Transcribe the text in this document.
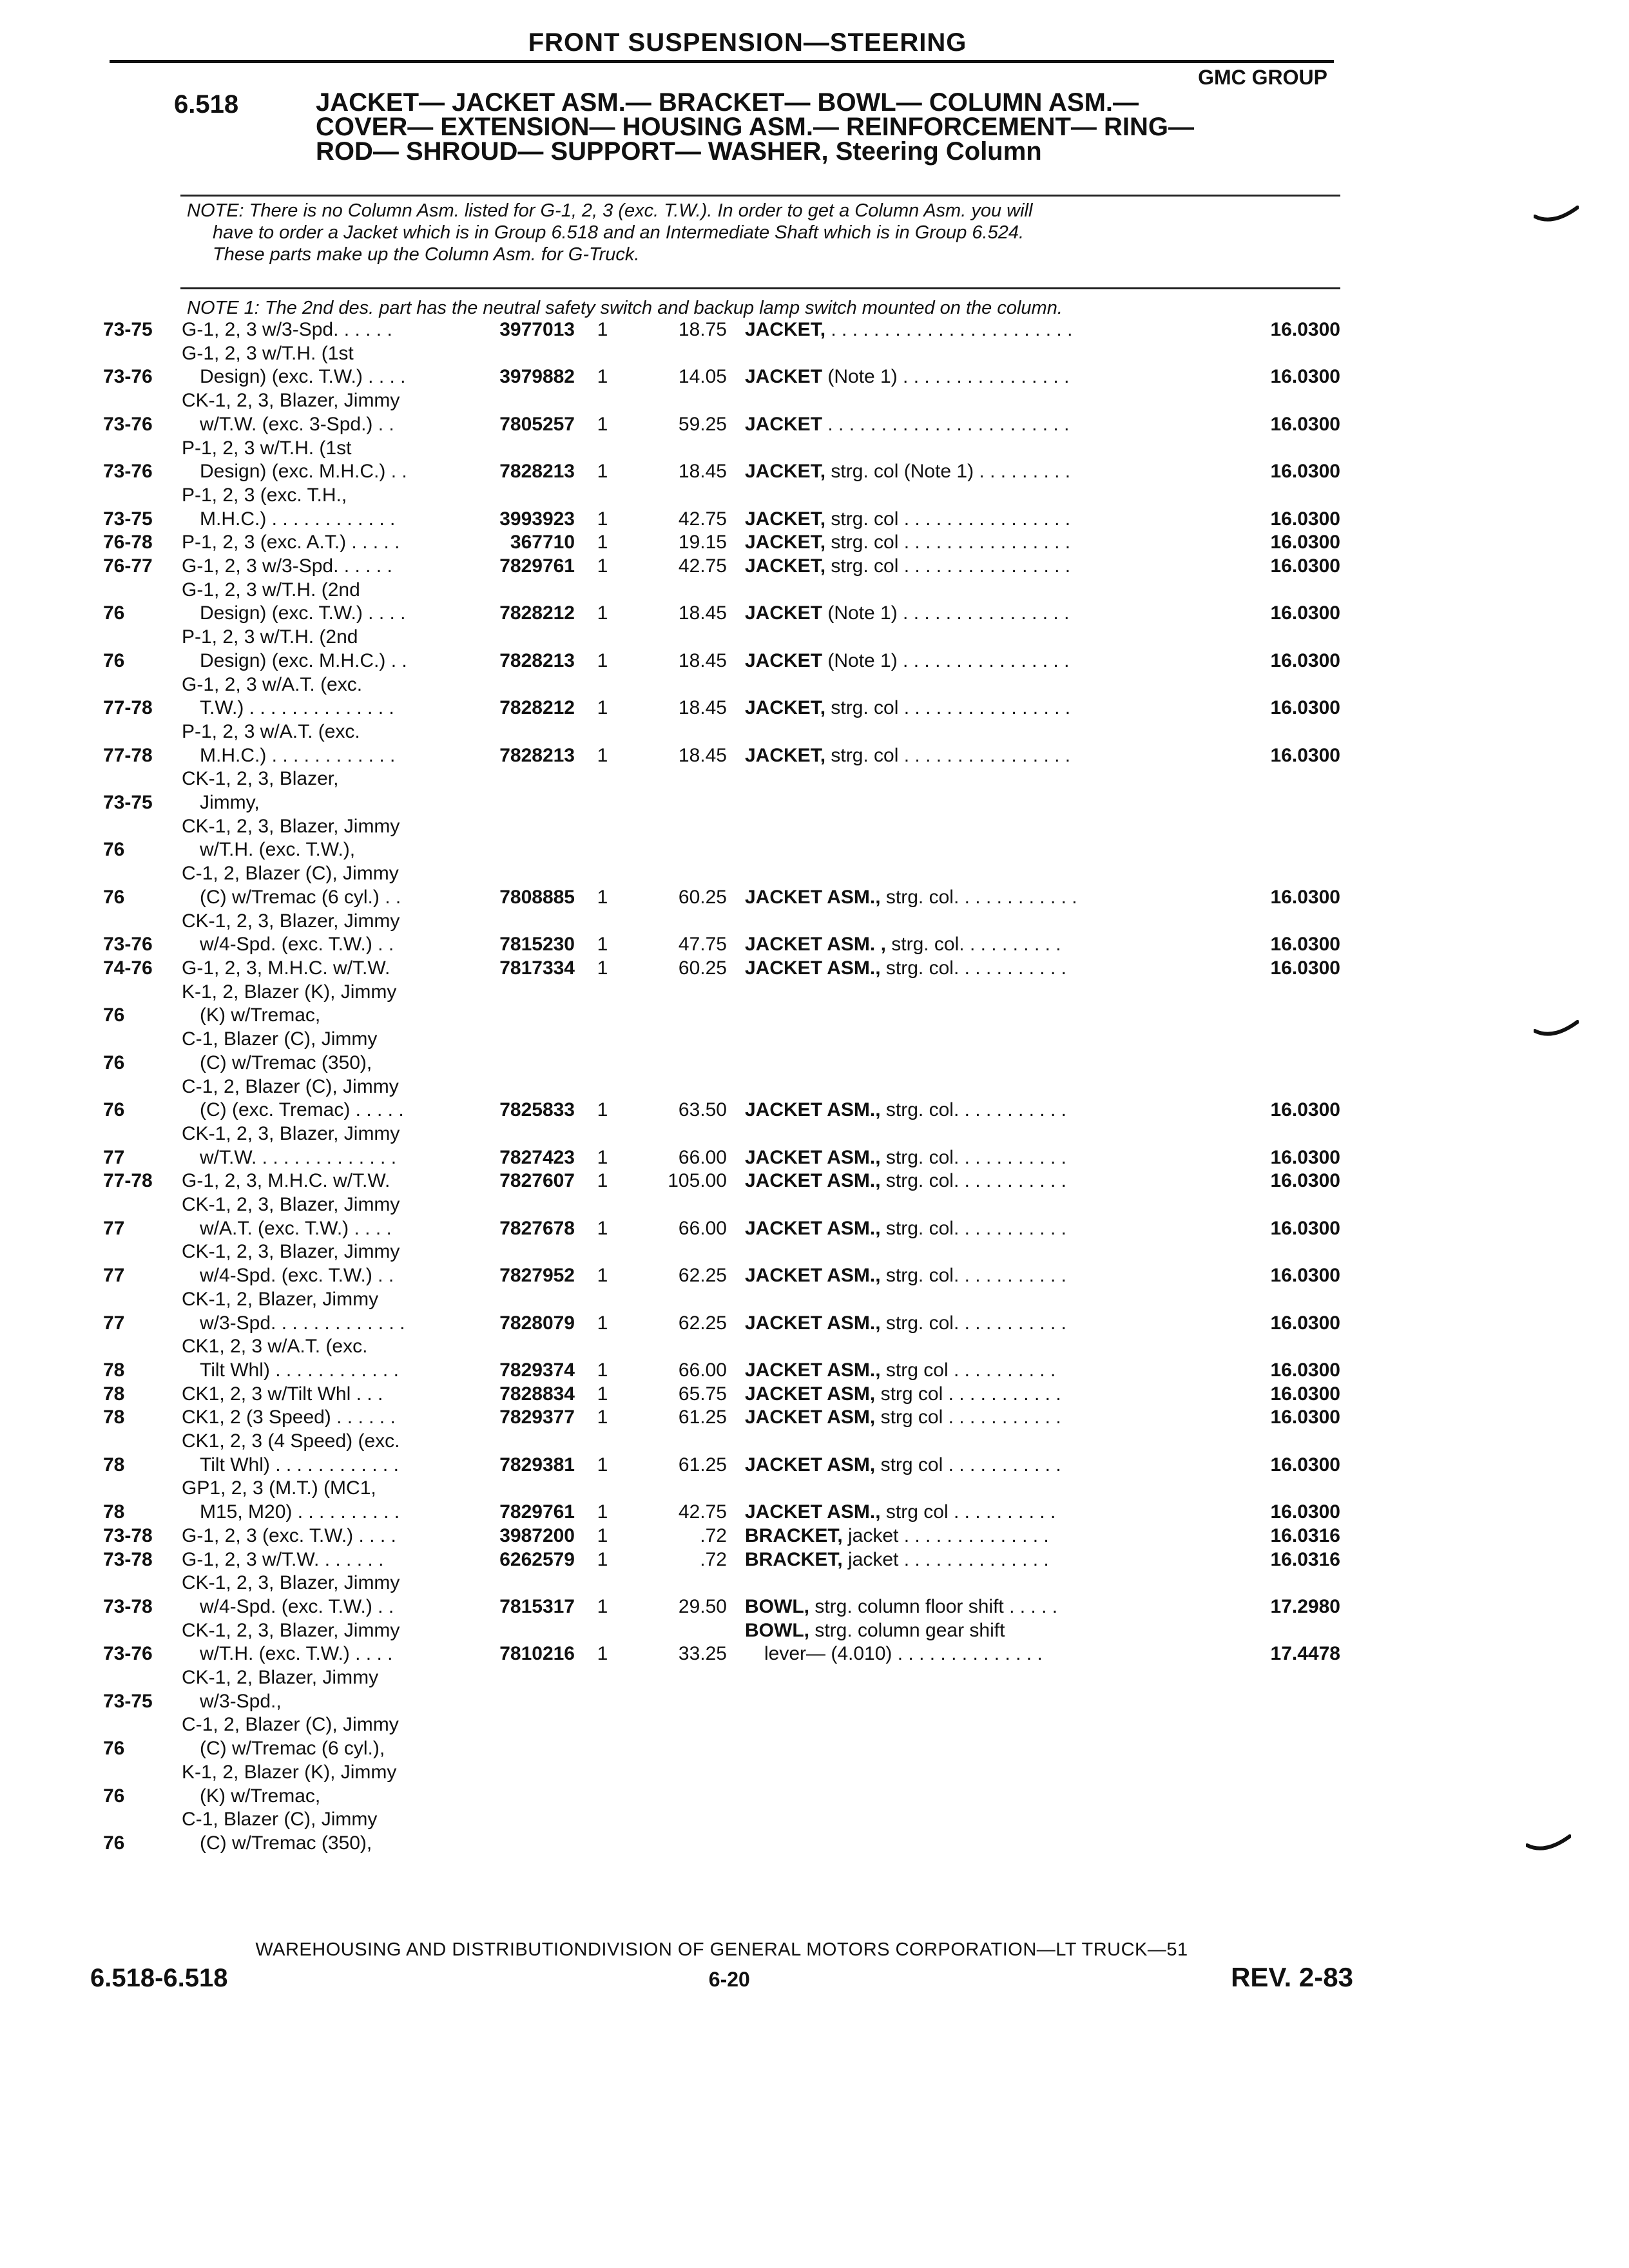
FRONT SUSPENSION—STEERING
GMC GROUP
6.518	JACKET— JACKET ASM.— BRACKET— BOWL— COLUMN ASM.—
COVER— EXTENSION— HOUSING ASM.— REINFORCEMENT— RING—
ROD— SHROUD— SUPPORT— WASHER, Steering Column
NOTE: There is no Column Asm. listed for G-1, 2, 3 (exc. T.W.). In order to get a Column Asm. you will
have to order a Jacket which is in Group 6.518 and an Intermediate Shaft which is in Group 6.524.
These parts make up the Column Asm. for G-Truck.
NOTE 1: The 2nd des. part has the neutral safety switch and backup lamp switch mounted on the column.
73-75	G-1, 2, 3 w/3-Spd. . . . . .	3977013	1	18.75	JACKET, . . . . . . . . . . . . . . . . . . . . . . .	16.0300
73-76	G-1, 2, 3 w/T.H. (1st
Design) (exc. T.W.) . . . .	3979882	1	14.05	JACKET (Note 1) . . . . . . . . . . . . . . . .	16.0300
73-76	CK-1, 2, 3, Blazer, Jimmy
w/T.W. (exc. 3-Spd.) . .	7805257	1	59.25	JACKET . . . . . . . . . . . . . . . . . . . . . . .	16.0300
73-76	P-1, 2, 3 w/T.H. (1st
Design) (exc. M.H.C.) . .	7828213	1	18.45	JACKET, strg. col (Note 1) . . . . . . . . .	16.0300
73-75	P-1, 2, 3 (exc. T.H.,
M.H.C.) . . . . . . . . . . . .	3993923	1	42.75	JACKET, strg. col . . . . . . . . . . . . . . . .	16.0300
76-78	P-1, 2, 3 (exc. A.T.) . . . . .	367710	1	19.15	JACKET, strg. col . . . . . . . . . . . . . . . .	16.0300
76-77	G-1, 2, 3 w/3-Spd. . . . . .	7829761	1	42.75	JACKET, strg. col . . . . . . . . . . . . . . . .	16.0300
76	G-1, 2, 3 w/T.H. (2nd
Design) (exc. T.W.) . . . .	7828212	1	18.45	JACKET (Note 1) . . . . . . . . . . . . . . . .	16.0300
76	P-1, 2, 3 w/T.H. (2nd
Design) (exc. M.H.C.) . .	7828213	1	18.45	JACKET (Note 1) . . . . . . . . . . . . . . . .	16.0300
77-78	G-1, 2, 3 w/A.T. (exc.
T.W.) . . . . . . . . . . . . . .	7828212	1	18.45	JACKET, strg. col . . . . . . . . . . . . . . . .	16.0300
77-78	P-1, 2, 3 w/A.T. (exc.
M.H.C.) . . . . . . . . . . . .	7828213	1	18.45	JACKET, strg. col . . . . . . . . . . . . . . . .	16.0300
73-75	CK-1, 2, 3, Blazer,
Jimmy,					

76	CK-1, 2, 3, Blazer, Jimmy
w/T.H. (exc. T.W.),					

76	C-1, 2, Blazer (C), Jimmy
(C) w/Tremac (6 cyl.) . .	7808885	1	60.25	JACKET ASM., strg. col. . . . . . . . . . . .	16.0300
73-76	CK-1, 2, 3, Blazer, Jimmy
w/4-Spd. (exc. T.W.) . .	7815230	1	47.75	JACKET ASM. , strg. col. . . . . . . . . .	16.0300
74-76	G-1, 2, 3, M.H.C. w/T.W.	7817334	1	60.25	JACKET ASM., strg. col. . . . . . . . . . .	16.0300
76	K-1, 2, Blazer (K), Jimmy
(K) w/Tremac,					

76	C-1, Blazer (C), Jimmy
(C) w/Tremac (350),					

76	C-1, 2, Blazer (C), Jimmy
(C) (exc. Tremac) . . . . .	7825833	1	63.50	JACKET ASM., strg. col. . . . . . . . . . .	16.0300
77	CK-1, 2, 3, Blazer, Jimmy
w/T.W. . . . . . . . . . . . . .	7827423	1	66.00	JACKET ASM., strg. col. . . . . . . . . . .	16.0300
77-78	G-1, 2, 3, M.H.C. w/T.W.	7827607	1	105.00	JACKET ASM., strg. col. . . . . . . . . . .	16.0300
77	CK-1, 2, 3, Blazer, Jimmy
w/A.T. (exc. T.W.) . . . .	7827678	1	66.00	JACKET ASM., strg. col. . . . . . . . . . .	16.0300
77	CK-1, 2, 3, Blazer, Jimmy
w/4-Spd. (exc. T.W.) . .	7827952	1	62.25	JACKET ASM., strg. col. . . . . . . . . . .	16.0300
77	CK-1, 2, Blazer, Jimmy
w/3-Spd. . . . . . . . . . . . .	7828079	1	62.25	JACKET ASM., strg. col. . . . . . . . . . .	16.0300
78	CK1, 2, 3 w/A.T. (exc.
Tilt Whl) . . . . . . . . . . . .	7829374	1	66.00	JACKET ASM., strg col . . . . . . . . . .	16.0300
78	CK1, 2, 3 w/Tilt Whl . . .	7828834	1	65.75	JACKET ASM, strg col . . . . . . . . . . .	16.0300
78	CK1, 2 (3 Speed) . . . . . .	7829377	1	61.25	JACKET ASM, strg col . . . . . . . . . . .	16.0300
78	CK1, 2, 3 (4 Speed) (exc.
Tilt Whl) . . . . . . . . . . . .	7829381	1	61.25	JACKET ASM, strg col . . . . . . . . . . .	16.0300
78	GP1, 2, 3 (M.T.) (MC1,
M15, M20) . . . . . . . . . .	7829761	1	42.75	JACKET ASM., strg col . . . . . . . . . .	16.0300
73-78	G-1, 2, 3 (exc. T.W.) . . . .	3987200	1	.72	BRACKET, jacket . . . . . . . . . . . . . .	16.0316
73-78	G-1, 2, 3 w/T.W. . . . . . .	6262579	1	.72	BRACKET, jacket . . . . . . . . . . . . . .	16.0316
73-78	CK-1, 2, 3, Blazer, Jimmy
w/4-Spd. (exc. T.W.) . .	7815317	1	29.50	BOWL, strg. column floor shift . . . . .	17.2980
73-76	CK-1, 2, 3, Blazer, Jimmy
w/T.H. (exc. T.W.) . . . .	7810216	1	33.25	BOWL, strg. column gear shift
lever— (4.010) . . . . . . . . . . . . . .	17.4478
73-75	CK-1, 2, Blazer, Jimmy
w/3-Spd.,					

76	C-1, 2, Blazer (C), Jimmy
(C) w/Tremac (6 cyl.),					

76	K-1, 2, Blazer (K), Jimmy
(K) w/Tremac,					

76	C-1, Blazer (C), Jimmy
(C) w/Tremac (350),					

WAREHOUSING AND DISTRIBUTIONDIVISION OF GENERAL MOTORS CORPORATION—LT TRUCK—51
6.518-6.518	6-20	REV. 2-83
